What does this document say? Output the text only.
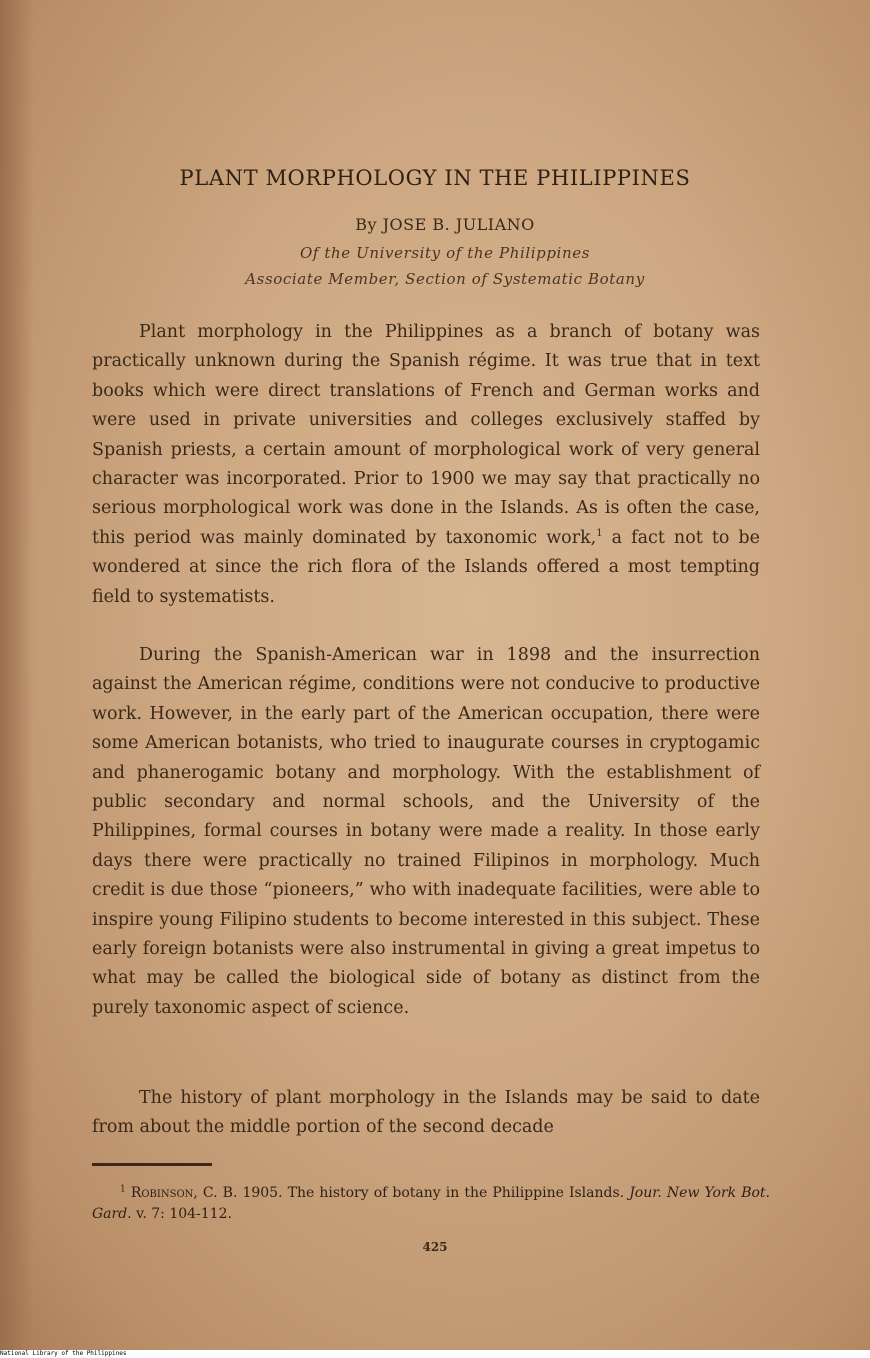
PLANT MORPHOLOGY IN THE PHILIPPINES
By JOSE B. JULIANO
Of the University of the Philippines
Associate Member, Section of Systematic Botany

Plant morphology in the Philippines as a branch of botany was practically unknown during the Spanish régime. It was true that in text books which were direct translations of French and German works and were used in private universities and colleges exclusively staffed by Spanish priests, a certain amount of morphological work of very general character was incorporated. Prior to 1900 we may say that practically no serious morphological work was done in the Islands. As is often the case, this period was mainly dominated by taxonomic work,$^1$ a fact not to be wondered at since the rich flora of the Islands offered a most tempting field to systematists.

During the Spanish-American war in 1898 and the insurrection against the American régime, conditions were not conducive to productive work. However, in the early part of the American occupation, there were some American botanists, who tried to inaugurate courses in cryptogamic and phanerogamic botany and morphology. With the establishment of public secondary and normal schools, and the University of the Philippines, formal courses in botany were made a reality. In those early days there were practically no trained Filipinos in morphology. Much credit is due those “pioneers,” who with inadequate facilities, were able to inspire young Filipino students to become interested in this subject. These early foreign botanists were also instrumental in giving a great impetus to what may be called the biological side of botany as distinct from the purely taxonomic aspect of science.

The history of plant morphology in the Islands may be said to date from about the middle portion of the second decade

$^1$ Robinson, C. B. 1905. The history of botany in the Philippine Islands. Jour. New York Bot. Gard. v. 7: 104-112.

425
National Library of the Philippines
